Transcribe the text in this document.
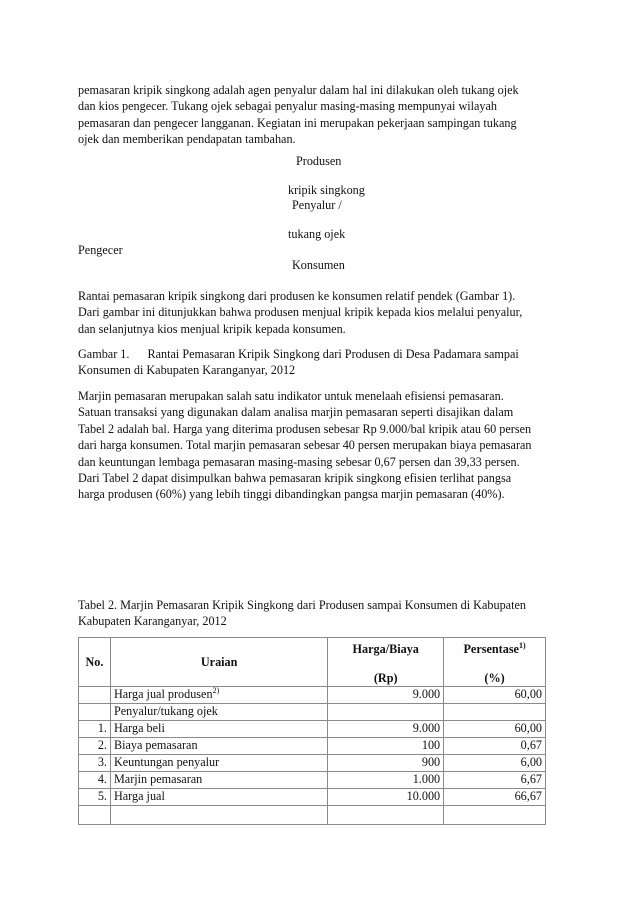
pemasaran kripik singkong adalah agen penyalur dalam hal ini dilakukan oleh tukang ojek
dan kios pengecer. Tukang ojek sebagai penyalur masing-masing mempunyai wilayah
pemasaran dan pengecer langganan. Kegiatan ini merupakan pekerjaan sampingan tukang
ojek dan memberikan pendapatan tambahan.

Produsen
kripik singkong
Penyalur /
tukang ojek
Pengecer
Konsumen

Rantai pemasaran kripik singkong dari produsen ke konsumen relatif pendek (Gambar 1).
Dari gambar ini ditunjukkan bahwa produsen menjual kripik kepada kios melalui penyalur,
dan selanjutnya kios menjual kripik kepada konsumen.

Gambar 1. Rantai Pemasaran Kripik Singkong dari Produsen di Desa Padamara sampai
Konsumen di Kabupaten Karanganyar, 2012

Marjin pemasaran merupakan salah satu indikator untuk menelaah efisiensi pemasaran.
Satuan transaksi yang digunakan dalam analisa marjin pemasaran seperti disajikan dalam
Tabel 2 adalah bal. Harga yang diterima produsen sebesar Rp 9.000/bal kripik atau 60 persen
dari harga konsumen. Total marjin pemasaran sebesar 40 persen merupakan biaya pemasaran
dan keuntungan lembaga pemasaran masing-masing sebesar 0,67 persen dan 39,33 persen.
Dari Tabel 2 dapat disimpulkan bahwa pemasaran kripik singkong efisien terlihat pangsa
harga produsen (60%) yang lebih tinggi dibandingkan pangsa marjin pemasaran (40%).

Tabel 2. Marjin Pemasaran Kripik Singkong dari Produsen sampai Konsumen di Kabupaten
Kabupaten Karanganyar, 2012
No.	Uraian	Harga/Biaya	Persentase$^{1)}$
		(Rp)	(%)
	Harga jual produsen$^{2)}$	9.000	60,00
	Penyalur/tukang ojek		
1.	Harga beli	9.000	60,00
2.	Biaya pemasaran	100	0,67
3.	Keuntungan penyalur	900	6,00
4.	Marjin pemasaran	1.000	6,67
5.	Harga jual	10.000	66,67
